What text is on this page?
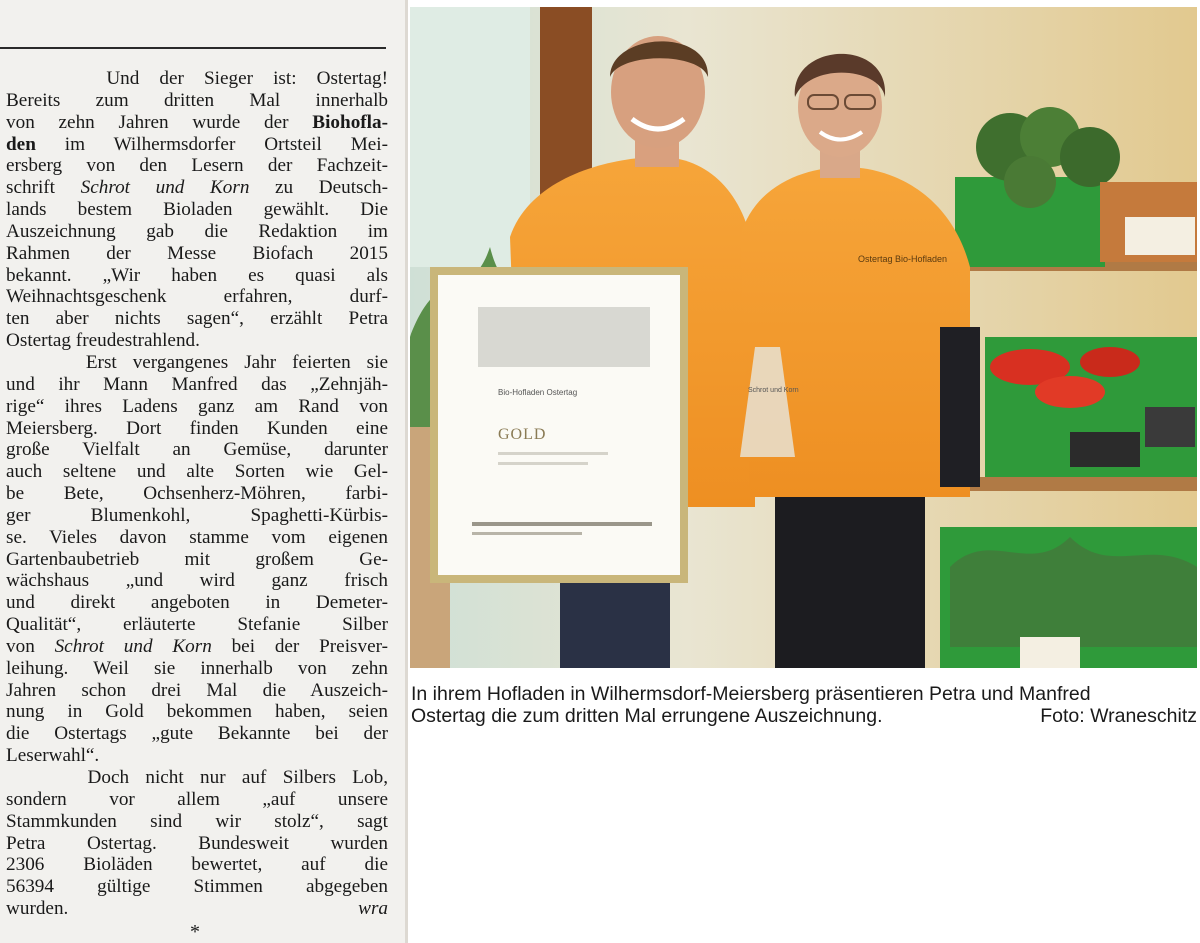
Und der Sieger ist: Ostertag!
Bereits zum dritten Mal innerhalb
von zehn Jahren wurde der Biohofla-
den im Wilhermsdorfer Ortsteil Mei-
ersberg von den Lesern der Fachzeit-
schrift Schrot und Korn zu Deutsch-
lands bestem Bioladen gewählt. Die
Auszeichnung gab die Redaktion im
Rahmen der Messe Biofach 2015
bekannt. „Wir haben es quasi als
Weihnachtsgeschenk erfahren, durf-
ten aber nichts sagen“, erzählt Petra
Ostertag freudestrahlend.
Erst vergangenes Jahr feierten sie
und ihr Mann Manfred das „Zehnjäh-
rige“ ihres Ladens ganz am Rand von
Meiersberg. Dort finden Kunden eine
große Vielfalt an Gemüse, darunter
auch seltene und alte Sorten wie Gel-
be Bete, Ochsenherz-Möhren, farbi-
ger Blumenkohl, Spaghetti-Kürbis-
se. Vieles davon stamme vom eigenen
Gartenbaubetrieb mit großem Ge-
wächshaus „und wird ganz frisch
und direkt angeboten in Demeter-
Qualität“, erläuterte Stefanie Silber
von Schrot und Korn bei der Preisver-
leihung. Weil sie innerhalb von zehn
Jahren schon drei Mal die Auszeich-
nung in Gold bekommen haben, seien
die Ostertags „gute Bekannte bei der
Leserwahl“.
Doch nicht nur auf Silbers Lob,
sondern vor allem „auf unsere
Stammkunden sind wir stolz“, sagt
Petra Ostertag. Bundesweit wurden
2306 Bioläden bewertet, auf die
56394 gültige Stimmen abgegeben
wurden.	wra
*
Ostertag Bio-Hofladen
Schrot und Korn
Bio-Hofladen Ostertag
GOLD
In ihrem Hofladen in Wilhermsdorf-Meiersberg präsentieren Petra und Manfred
Ostertag die zum dritten Mal errungene Auszeichnung.	Foto: Wraneschitz
